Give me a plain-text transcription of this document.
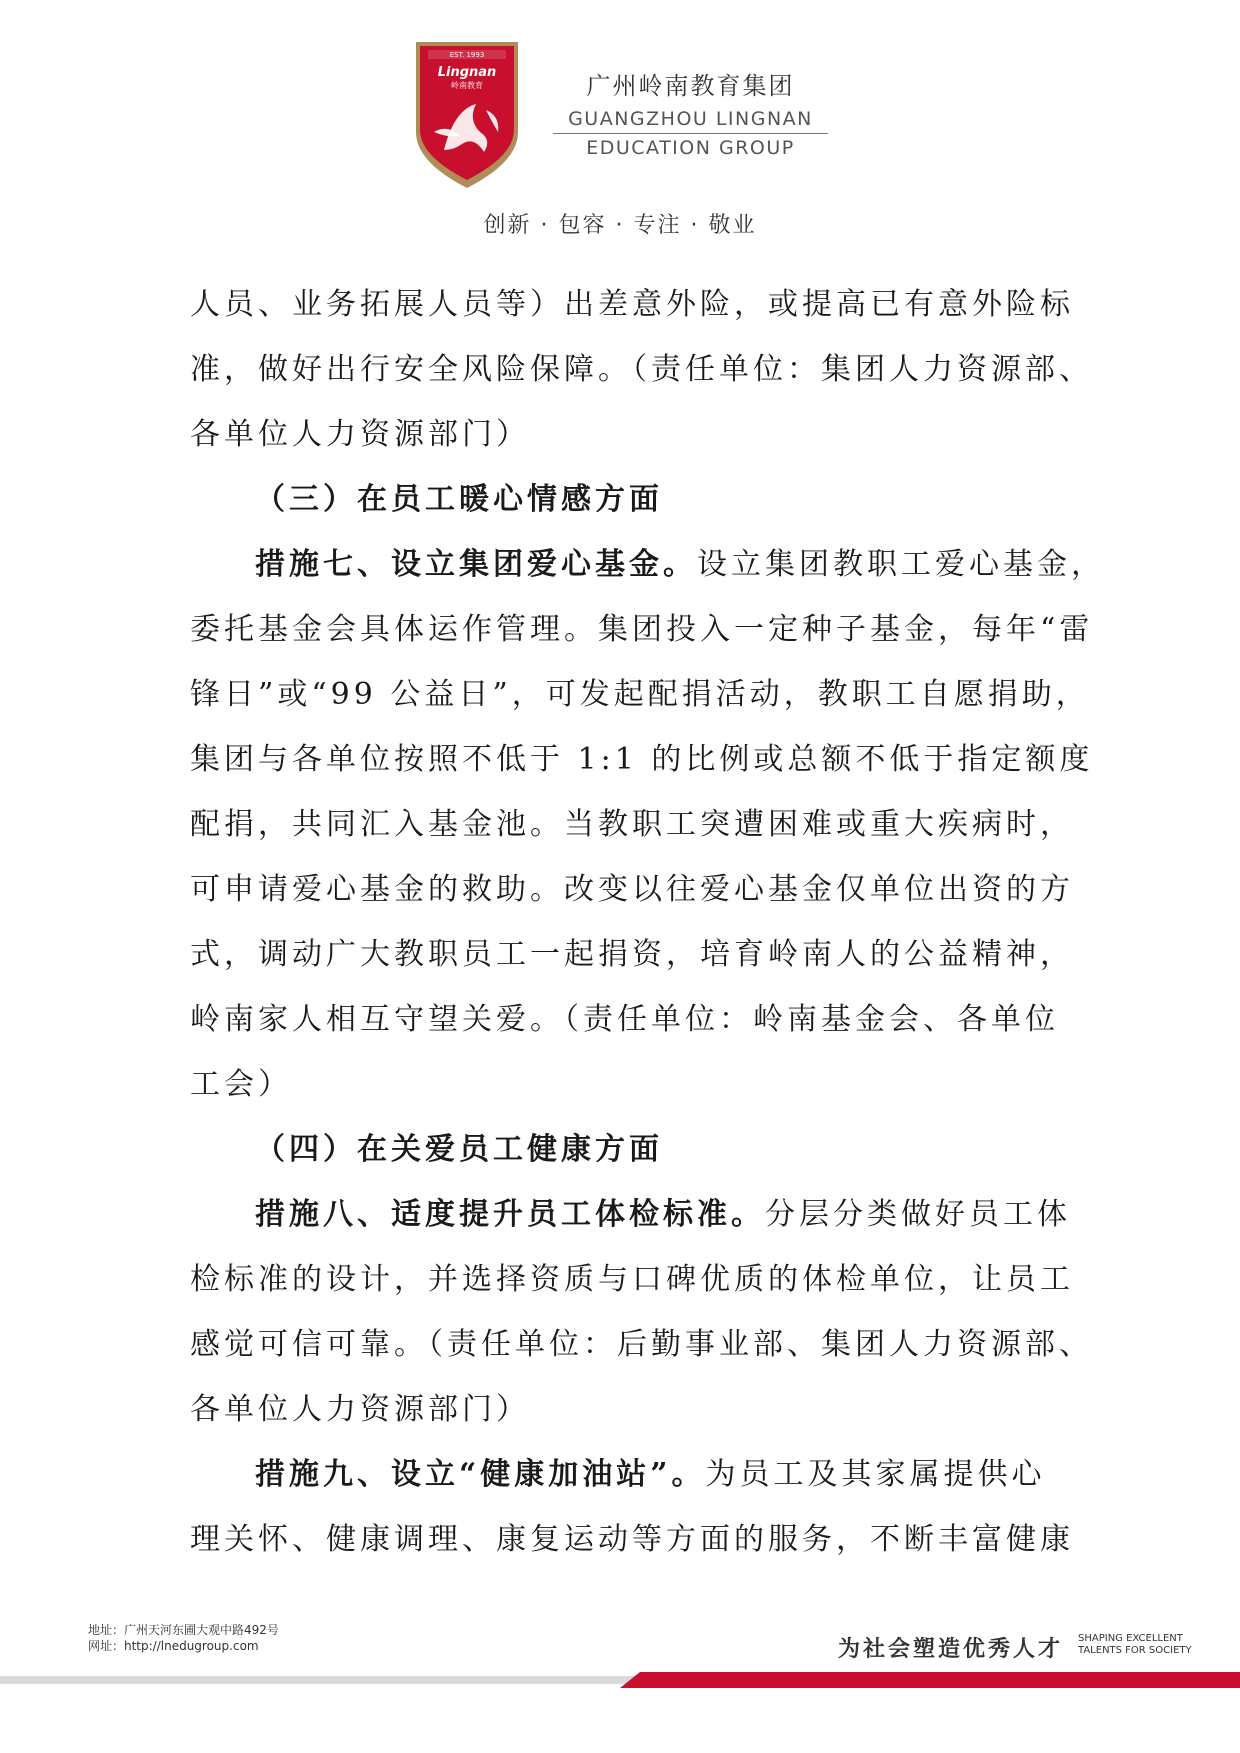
EST. 1993
Lingnan
岭南教育	广州岭南教育集团
GUANGZHOU LINGNAN
EDUCATION GROUP
创新 · 包容 · 专注 · 敬业
人员、业务拓展人员等）出差意外险，或提高已有意外险标
准，做好出行安全风险保障。（责任单位：集团人力资源部、
各单位人力资源部门）
（三）在员工暖心情感方面
措施七、设立集团爱心基金。设立集团教职工爱心基金，
委托基金会具体运作管理。集团投入一定种子基金，每年“雷
锋日”或“99 公益日”，可发起配捐活动，教职工自愿捐助，
集团与各单位按照不低于 1:1 的比例或总额不低于指定额度
配捐，共同汇入基金池。当教职工突遭困难或重大疾病时，
可申请爱心基金的救助。改变以往爱心基金仅单位出资的方
式，调动广大教职员工一起捐资，培育岭南人的公益精神，
岭南家人相互守望关爱。（责任单位：岭南基金会、各单位
工会）
（四）在关爱员工健康方面
措施八、适度提升员工体检标准。分层分类做好员工体
检标准的设计，并选择资质与口碑优质的体检单位，让员工
感觉可信可靠。（责任单位：后勤事业部、集团人力资源部、
各单位人力资源部门）
措施九、设立“健康加油站”。为员工及其家属提供心
理关怀、健康调理、康复运动等方面的服务，不断丰富健康
地址：广州天河东圃大观中路492号
网址：http://lnedugroup.com	为社会塑造优秀人才 SHAPING EXCELLENT
TALENTS FOR SOCIETY
